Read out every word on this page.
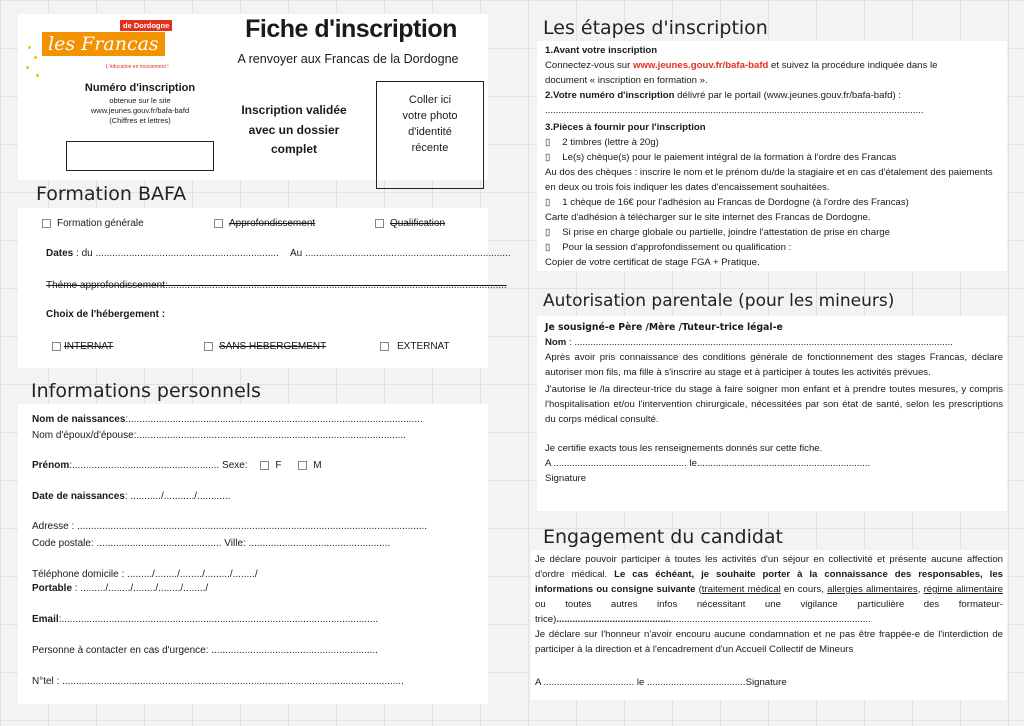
de Dordogne
les Francas
L'éducation en mouvement !
Fiche d'inscription
A renvoyer aux Francas de la Dordogne
Numéro d'inscription
obtenue sur le site
www.jeunes.gouv.fr/bafa-bafd
(Chiffres et lettres)
Inscription validée
avec un dossier
complet
Coller ici
votre photo
d'identité
récente
Formation BAFA
Formation générale	Approfondissement	Qualification
Dates : du .................................................................. Au ..........................................................................
Théme approfondissement:..........................................................................................................................
Choix de l'hébergement :
INTERNAT	SANS HEBERGEMENT	EXTERNAT
Informations personnels
Nom de naissances:..........................................................................................................
Nom d'époux/d'épouse:.................................................................................................
Prénom:..................................................... Sexe:	F	M
Date de naissances: .........../.........../............
Adresse : ..............................................................................................................................
Code postale: ............................................. Ville: ...................................................
Téléphone domicile : ........./......../......../........./......../
Portable : ........./......../......../......../......../
Email:..................................................................................................................
Personne à contacter en cas d'urgence: ............................................................
N°tel : ...........................................................................................................................
Les étapes d'inscription

1.Avant votre inscription

Connectez-vous sur www.jeunes.gouv.fr/bafa-bafd et suivez la procédure indiquée dans le

document « inscription en formation ».

2.Votre numéro d'inscription délivré par le portail (www.jeunes.gouv.fr/bafa-bafd) :

..............................................................................................................................................

3.Pièces à fournir pour l'inscription

▯ 2 timbres (lettre à 20g)

▯ Le(s) chèque(s) pour le paiement intégral de la formation à l'ordre des Francas

Au dos des chèques : inscrire le nom et le prénom du/de la stagiaire et en cas d'étalement des paiements en deux ou trois fois indiquer les dates d'encaissement souhaitées.

▯ 1 chèque de 16€ pour l'adhésion au Francas de Dordogne (à l'ordre des Francas)

Carte d'adhésion à télécharger sur le site internet des Francas de Dordogne.

▯ Si prise en charge globale ou partielle, joindre l'attestation de prise en charge

▯ Pour la session d'approfondissement ou qualification :

Copier de votre certificat de stage FGA + Pratique.

Autorisation parentale (pour les mineurs)

Je sousigné-e Père /Mère /Tuteur-trice légal-e

Nom : ..............................................................................................................................................

Après avoir pris connaissance des conditions générale de fonctionnement des stages Francas, déclare autoriser mon fils, ma fille à s'inscrire au stage et à participer à toutes les activités prévues.

J'autorise le /la directeur-trice du stage à faire soigner mon enfant et à prendre toutes mesures, y compris l'hospitalisation et/ou l'intervention chirurgicale, nécessitées par son état de santé, selon les prescriptions du corps médical consulté.

Je certifie exacts tous les renseignements donnés sur cette fiche.

A .................................................. le.................................................................

Signature

Engagement du candidat

Je déclare pouvoir participer à toutes les activités d'un séjour en collectivité et présente aucune affection d'ordre médical. Le cas échéant, je souhaite porter à la connaissance des responsables, les informations ou consigne suivante (traitement médical en cours, allergies alimentaires, régime alimentaire ou toutes autres infos nécessitant une vigilance particulière des formateur-trice)......................................................................................................................

Je déclare sur l'honneur n'avoir encouru aucune condamnation et ne pas être frappée-e de l'interdiction de participer à la direction et à l'encadrement d'un Accueil Collectif de Mineurs

A .................................. le .....................................Signature
